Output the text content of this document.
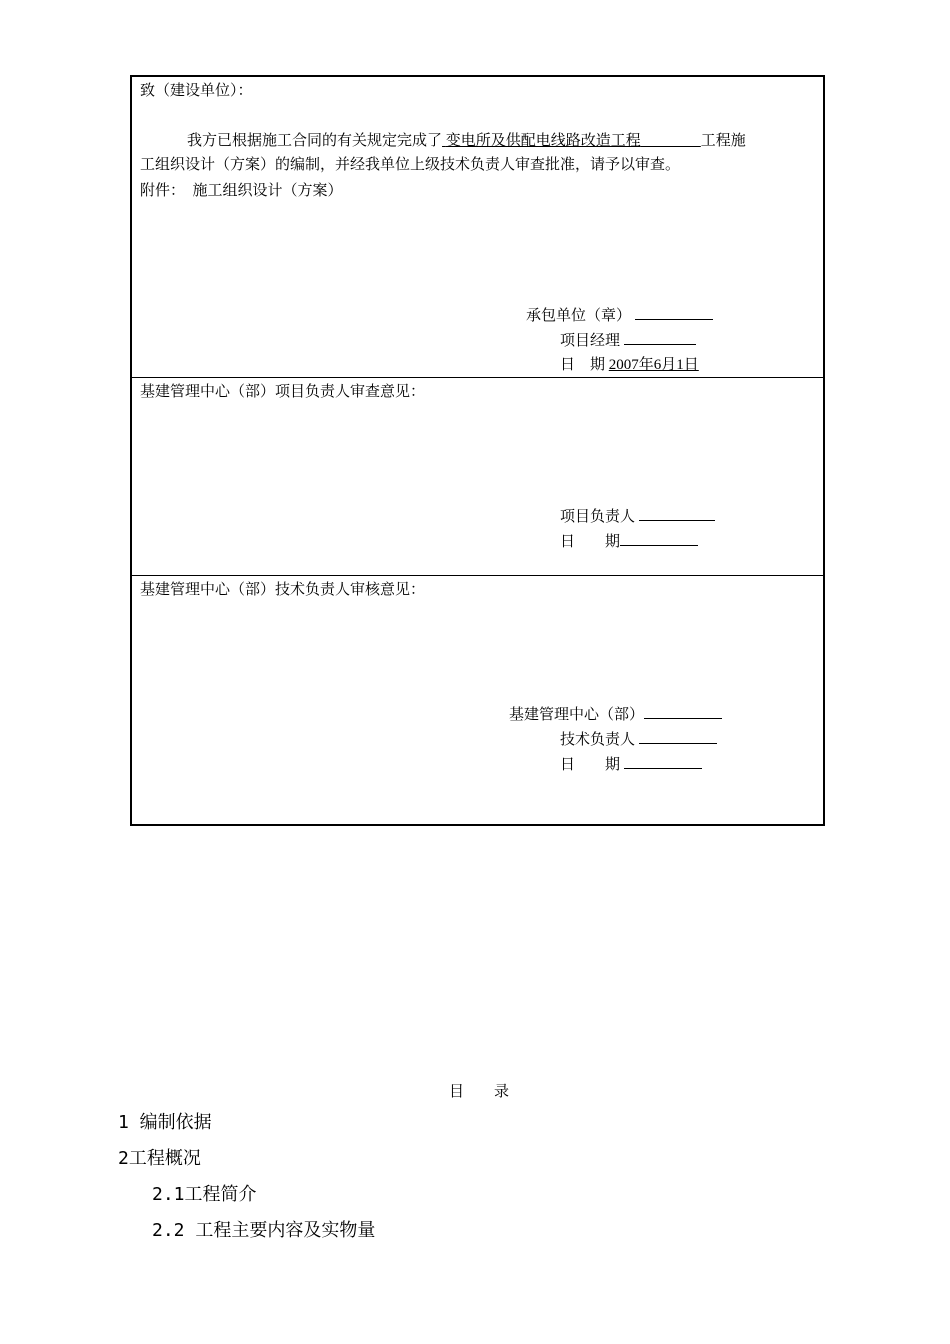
致（建设单位）：
我方已根据施工合同的有关规定完成了 变电所及供配电线路改造工程　　　　	工程施
工组织设计（方案）的编制，并经我单位上级技术负责人审查批准，请予以审查。
附件：　 施工组织设计（方案）
承包单位（章）
项目经理
日　期 2007年6月1日
基建管理中心（部）项目负责人审查意见：
项目负责人
日　　期
基建管理中心（部）技术负责人审核意见：
基建管理中心（部）
技术负责人
日　　期
目　　录
1 编制依据
2工程概况
2.1工程简介
2.2 工程主要内容及实物量
